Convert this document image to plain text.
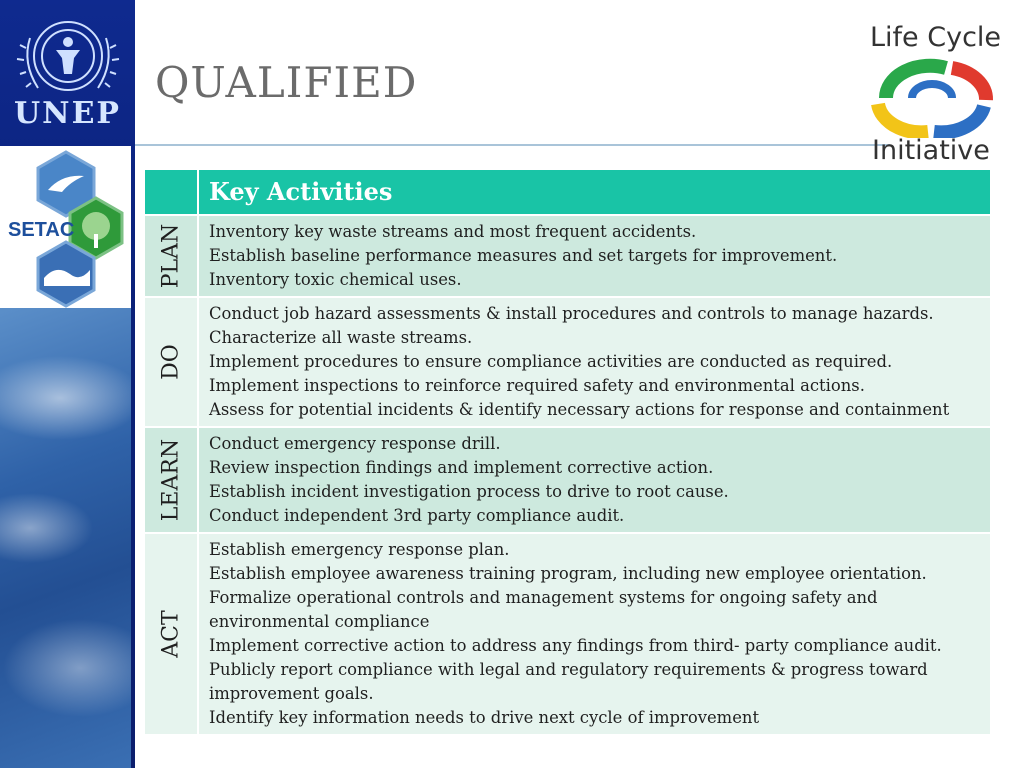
UNEP
SETAC
QUALIFIED
Life Cycle
Initiative
Key Activities
PLAN Inventory key waste streams and most frequent accidents.
Establish baseline performance measures and set targets for improvement.
Inventory toxic chemical uses.
DO
Conduct job hazard assessments & install procedures and controls to manage hazards.
Characterize all waste streams.
Implement procedures to ensure compliance activities are conducted as required.
Implement inspections to reinforce required safety and environmental actions.
Assess for potential incidents & identify necessary actions for response and containment
LEARN Conduct emergency response drill.
Review inspection findings and implement corrective action.
Establish incident investigation process to drive to root cause.
Conduct independent 3rd party compliance audit.
ACT
Establish emergency response plan.
Establish employee awareness training program, including new employee orientation.
Formalize operational controls and management systems for ongoing safety and
environmental compliance
Implement corrective action to address any findings from third- party compliance audit.
Publicly report compliance with legal and regulatory requirements & progress toward
improvement goals.
Identify key information needs to drive next cycle of improvement
